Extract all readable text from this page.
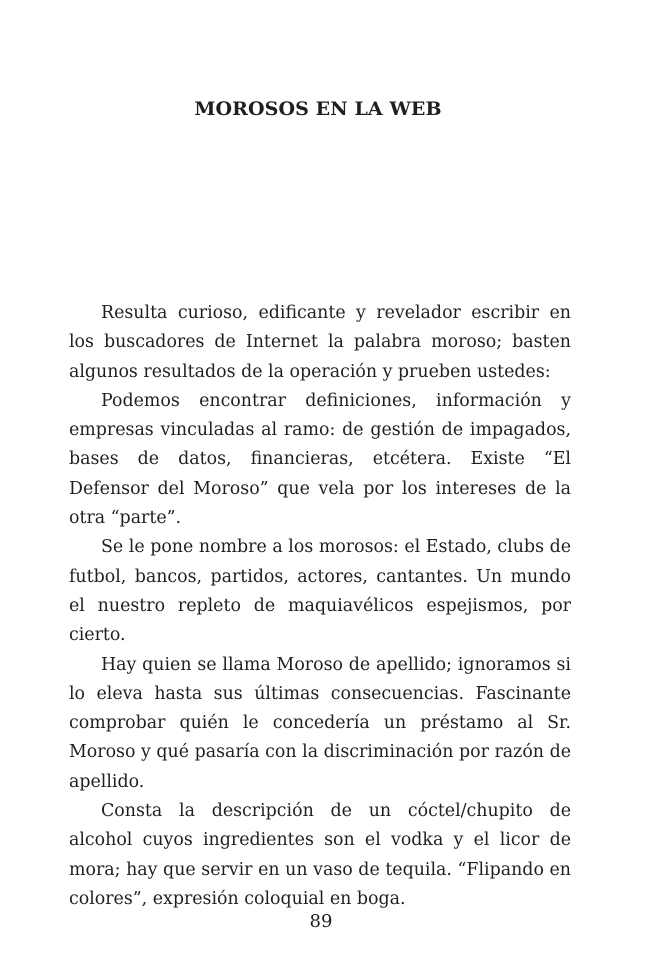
MOROSOS EN LA WEB

Resulta curioso, edificante y revelador escribir en los buscadores de Internet la palabra moroso; basten algunos resultados de la operación y prueben ustedes:

Podemos encontrar definiciones, información y empresas vinculadas al ramo: de gestión de impagados, bases de datos, financieras, etcétera. Existe “El Defensor del Moroso” que vela por los intereses de la otra “parte”.

Se le pone nombre a los morosos: el Estado, clubs de futbol, bancos, partidos, actores, cantantes. Un mundo el nuestro repleto de maquiavélicos espejismos, por cierto.

Hay quien se llama Moroso de apellido; ignoramos si lo eleva hasta sus últimas consecuencias. Fascinante comprobar quién le concedería un préstamo al Sr. Moroso y qué pasaría con la discriminación por razón de apellido.

Consta la descripción de un cóctel/chupito de alcohol cuyos ingredientes son el vodka y el licor de mora; hay que servir en un vaso de tequila. “Flipando en colores”, expresión coloquial en boga.

89
